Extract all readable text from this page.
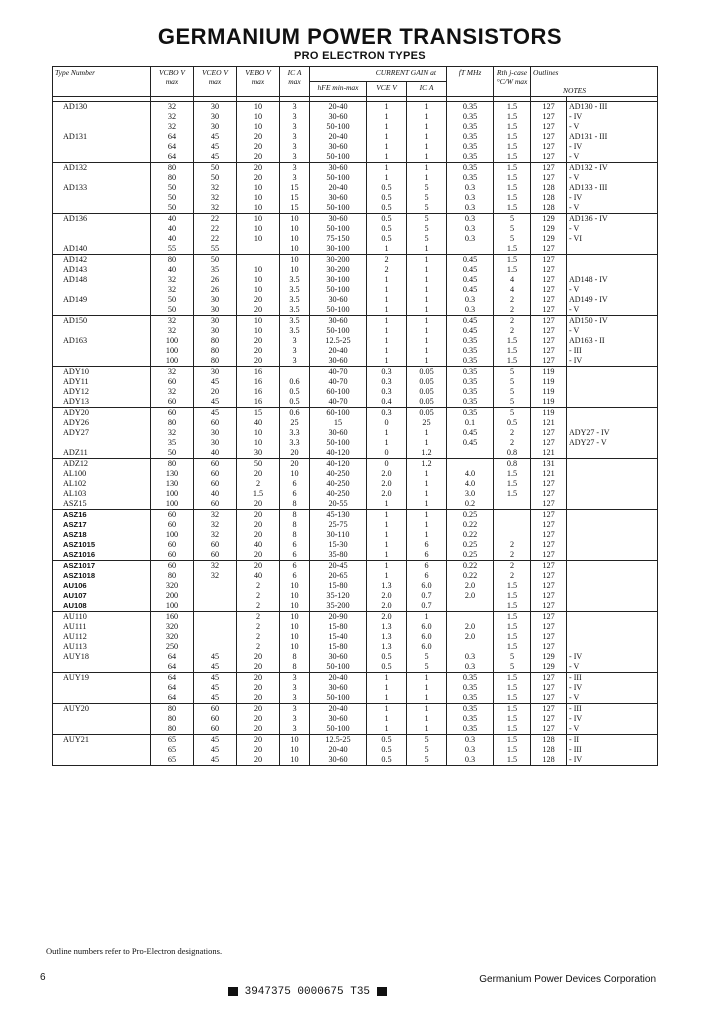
GERMANIUM POWER TRANSISTORS
PRO ELECTRON TYPES
Type Number	VCBO V max	VCEO V max	VEBO V max	IC A max	CURRENT GAIN at			fT MHz	Rth j-case °C/W max	Outlines

NOTES	
					hFE min-max	VCE V	IC A				

AD130	32	30	10	3	20-40	1	1	0.35	1.5	127	AD130 - III
	32	30	10	3	30-60	1	1	0.35	1.5	127	- IV
	32	30	10	3	50-100	1	1	0.35	1.5	127	- V
AD131	64	45	20	3	20-40	1	1	0.35	1.5	127	AD131 - III
	64	45	20	3	30-60	1	1	0.35	1.5	127	- IV
	64	45	20	3	50-100	1	1	0.35	1.5	127	- V
AD132	80	50	20	3	30-60	1	1	0.35	1.5	127	AD132 - IV
	80	50	20	3	50-100	1	1	0.35	1.5	127	- V
AD133	50	32	10	15	20-40	0.5	5	0.3	1.5	128	AD133 - III
	50	32	10	15	30-60	0.5	5	0.3	1.5	128	- IV
	50	32	10	15	50-100	0.5	5	0.3	1.5	128	- V
AD136	40	22	10	10	30-60	0.5	5	0.3	5	129	AD136 - IV
	40	22	10	10	50-100	0.5	5	0.3	5	129	- V
	40	22	10	10	75-150	0.5	5	0.3	5	129	- VI
AD140	55	55		10	30-100	1	1		1.5	127	
AD142	80	50		10	30-200	2	1	0.45	1.5	127	
AD143	40	35	10	10	30-200	2	1	0.45	1.5	127	
AD148	32	26	10	3.5	30-100	1	1	0.45	4	127	AD148 - IV
	32	26	10	3.5	50-100	1	1	0.45	4	127	- V
AD149	50	30	20	3.5	30-60	1	1	0.3	2	127	AD149 - IV
	50	30	20	3.5	50-100	1	1	0.3	2	127	- V
AD150	32	30	10	3.5	30-60	1	1	0.45	2	127	AD150 - IV
	32	30	10	3.5	50-100	1	1	0.45	2	127	- V
AD163	100	80	20	3	12.5-25	1	1	0.35	1.5	127	AD163 - II
	100	80	20	3	20-40	1	1	0.35	1.5	127	- III
	100	80	20	3	30-60	1	1	0.35	1.5	127	- IV
ADY10	32	30	16		40-70	0.3	0.05	0.35	5	119	
ADY11	60	45	16	0.6	40-70	0.3	0.05	0.35	5	119	
ADY12	32	20	16	0.5	60-100	0.3	0.05	0.35	5	119	
ADY13	60	45	16	0.5	40-70	0.4	0.05	0.35	5	119	
ADY20	60	45	15	0.6	60-100	0.3	0.05	0.35	5	119	
ADY26	80	60	40	25	15	0	25	0.1	0.5	121	
ADY27	32	30	10	3.3	30-60	1	1	0.45	2	127	ADY27 - IV
	35	30	10	3.3	50-100	1	1	0.45	2	127	ADY27 - V
ADZ11	50	40	30	20	40-120	0	1.2		0.8	121	
ADZ12	80	60	50	20	40-120	0	1.2		0.8	131	
AL100	130	60	20	10	40-250	2.0	1	4.0	1.5	121	
AL102	130	60	2	6	40-250	2.0	1	4.0	1.5	127	
AL103	100	40	1.5	6	40-250	2.0	1	3.0	1.5	127	
ASZ15	100	60	20	8	20-55	1	1	0.2		127	
ASZ16	60	32	20	8	45-130	1	1	0.25		127	
ASZ17	60	32	20	8	25-75	1	1	0.22		127	
ASZ18	100	32	20	8	30-110	1	1	0.22		127	
ASZ1015	60	60	40	6	15-30	1	6	0.25	2	127	
ASZ1016	60	60	20	6	35-80	1	6	0.25	2	127	
ASZ1017	60	32	20	6	20-45	1	6	0.22	2	127	
ASZ1018	80	32	40	6	20-65	1	6	0.22	2	127	
AU106	320		2	10	15-80	1.3	6.0	2.0	1.5	127	
AU107	200		2	10	35-120	2.0	0.7	2.0	1.5	127	
AU108	100		2	10	35-200	2.0	0.7		1.5	127	
AU110	160		2	10	20-90	2.0	1		1.5	127	
AU111	320		2	10	15-80	1.3	6.0	2.0	1.5	127	
AU112	320		2	10	15-40	1.3	6.0	2.0	1.5	127	
AU113	250		2	10	15-80	1.3	6.0		1.5	127	
AUY18	64	45	20	8	30-60	0.5	5	0.3	5	129	- IV
	64	45	20	8	50-100	0.5	5	0.3	5	129	- V
AUY19	64	45	20	3	20-40	1	1	0.35	1.5	127	- III
	64	45	20	3	30-60	1	1	0.35	1.5	127	- IV
	64	45	20	3	50-100	1	1	0.35	1.5	127	- V
AUY20	80	60	20	3	20-40	1	1	0.35	1.5	127	- III
	80	60	20	3	30-60	1	1	0.35	1.5	127	- IV
	80	60	20	3	50-100	1	1	0.35	1.5	127	- V
AUY21	65	45	20	10	12.5-25	0.5	5	0.3	1.5	128	- II
	65	45	20	10	20-40	0.5	5	0.3	1.5	128	- III
	65	45	20	10	30-60	0.5	5	0.3	1.5	128	- IV
Outline numbers refer to Pro-Electron designations.
6	Germanium Power Devices Corporation
3947375 0000675 T35
